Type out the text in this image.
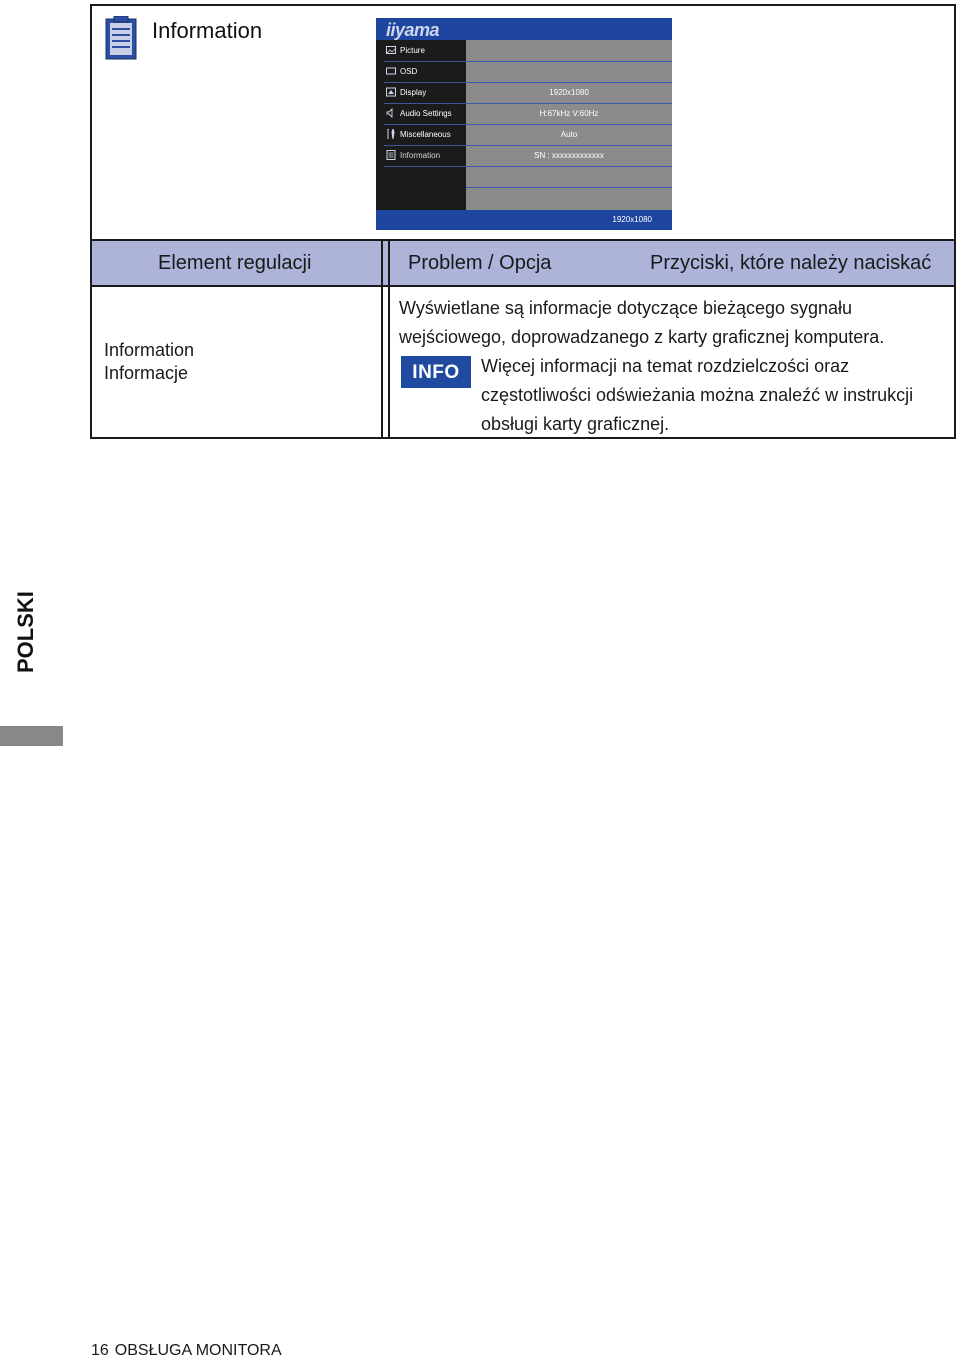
Information	iiyama
Picture
OSD
Display	1920x1080
Audio Settings	H:67kHz V:60Hz
Miscellaneous	Auto
Information	SN : xxxxxxxxxxxxx
1920x1080
Element regulacji	Problem / Opcja	Przyciski, które należy naciskać
Information
Informacje
Wyświetlane są informacje dotyczące bieżącego sygnału
wejściowego, doprowadzanego z karty graficznej komputera.
INFO	Więcej informacji na temat rozdzielczości oraz
częstotliwości odświeżania można znaleźć w instrukcji
obsługi karty graficznej.
POLSKI
16 OBSŁUGA MONITORA
